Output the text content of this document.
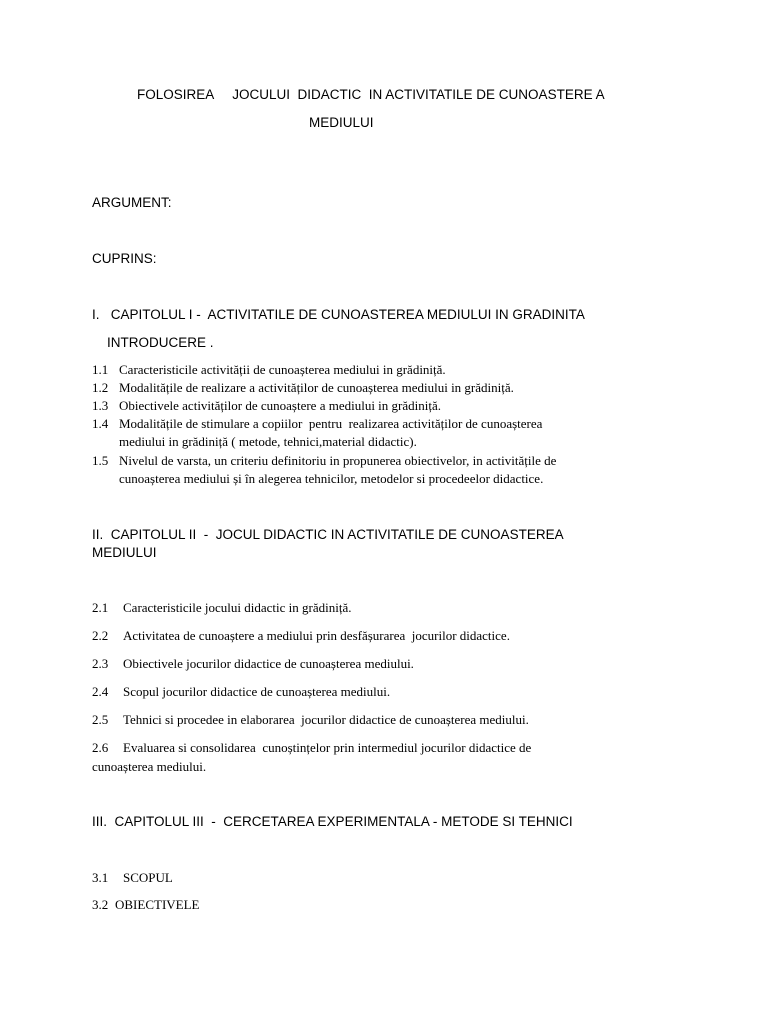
FOLOSIREA     JOCULUI  DIDACTIC  IN ACTIVITATILE DE CUNOASTERE A
MEDIULUI
ARGUMENT:
CUPRINS:
I.   CAPITOLUL I -  ACTIVITATILE DE CUNOASTEREA MEDIULUI IN GRADINITA
INTRODUCERE .
1.1 Caracteristicile activității de cunoașterea mediului in grădiniță.
1.2 Modalitățile de realizare a activităților de cunoașterea mediului in grădiniță.
1.3 Obiectivele activităților de cunoaștere a mediului in grădiniță.
1.4 Modalitățile de stimulare a copiilor  pentru  realizarea activităților de cunoașterea
mediului in grădiniță ( metode, tehnici,material didactic).
1.5 Nivelul de varsta, un criteriu definitoriu in propunerea obiectivelor, in activitățile de
cunoașterea mediului și în alegerea tehnicilor, metodelor si procedeelor didactice.
II.  CAPITOLUL II  -  JOCUL DIDACTIC IN ACTIVITATILE DE CUNOASTEREA
MEDIULUI
2.1 Caracteristicile jocului didactic in grădiniță.
2.2 Activitatea de cunoaștere a mediului prin desfășurarea  jocurilor didactice.
2.3 Obiectivele jocurilor didactice de cunoașterea mediului.
2.4 Scopul jocurilor didactice de cunoașterea mediului.
2.5 Tehnici si procedee in elaborarea  jocurilor didactice de cunoașterea mediului.
2.6 Evaluarea si consolidarea  cunoștințelor prin intermediul jocurilor didactice de
cunoașterea mediului.
III.  CAPITOLUL III  -  CERCETAREA EXPERIMENTALA - METODE SI TEHNICI
3.1 SCOPUL
3.2 OBIECTIVELE
